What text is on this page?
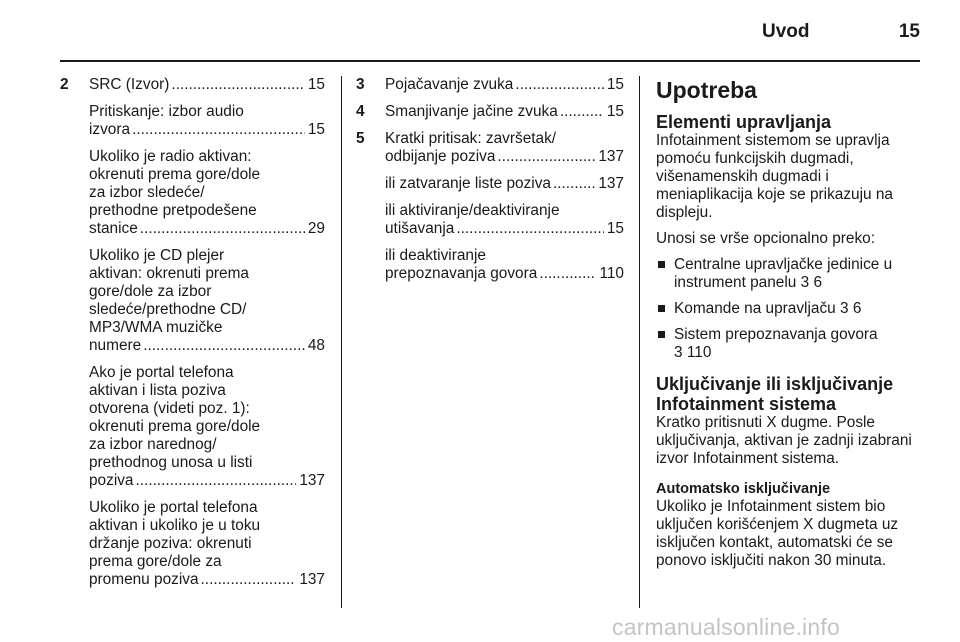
Uvod	15
2 SRC (Izvor) .....	15
Pritiskanje: izbor audio
izvora .....	15
Ukoliko je radio aktivan:
okrenuti prema gore/dole
za izbor sledeće/
prethodne pretpodešene
stanice .....	29
Ukoliko je CD plejer
aktivan: okrenuti prema
gore/dole za izbor
sledeće/prethodne CD/
MP3/WMA muzičke
numere .....	48
Ako je portal telefona
aktivan i lista poziva
otvorena (videti poz. 1):
okrenuti prema gore/dole
za izbor narednog/
prethodnog unosa u listi
poziva .....	137
Ukoliko je portal telefona
aktivan i ukoliko je u toku
držanje poziva: okrenuti
prema gore/dole za
promenu poziva .....	137
3 Pojačavanje zvuka .....	15
4 Smanjivanje jačine zvuka .....	15
5 Kratki pritisak: završetak/
odbijanje poziva .....	137
ili zatvaranje liste poziva .....	137
ili aktiviranje/deaktiviranje
utišavanja .....	15
ili deaktiviranje
prepoznavanja govora .....	110
Upotreba
Elementi upravljanja
Infotainment sistemom se upravlja
pomoću funkcijskih dugmadi,
višenamenskih dugmadi i
meniaplikacija koje se prikazuju na
displeju.
Unosi se vrše opcionalno preko:
Centralne upravljačke jedinice u
instrument panelu 3 6
Komande na upravljaču 3 6
Sistem prepoznavanja govora
3 110
Uključivanje ili isključivanje
Infotainment sistema
Kratko pritisnuti X dugme. Posle
uključivanja, aktivan je zadnji izabrani
izvor Infotainment sistema.
Automatsko isključivanje
Ukoliko je Infotainment sistem bio
uključen korišćenjem X dugmeta uz
isključen kontakt, automatski će se
ponovo isključiti nakon 30 minuta.
carmanualsonline.info
